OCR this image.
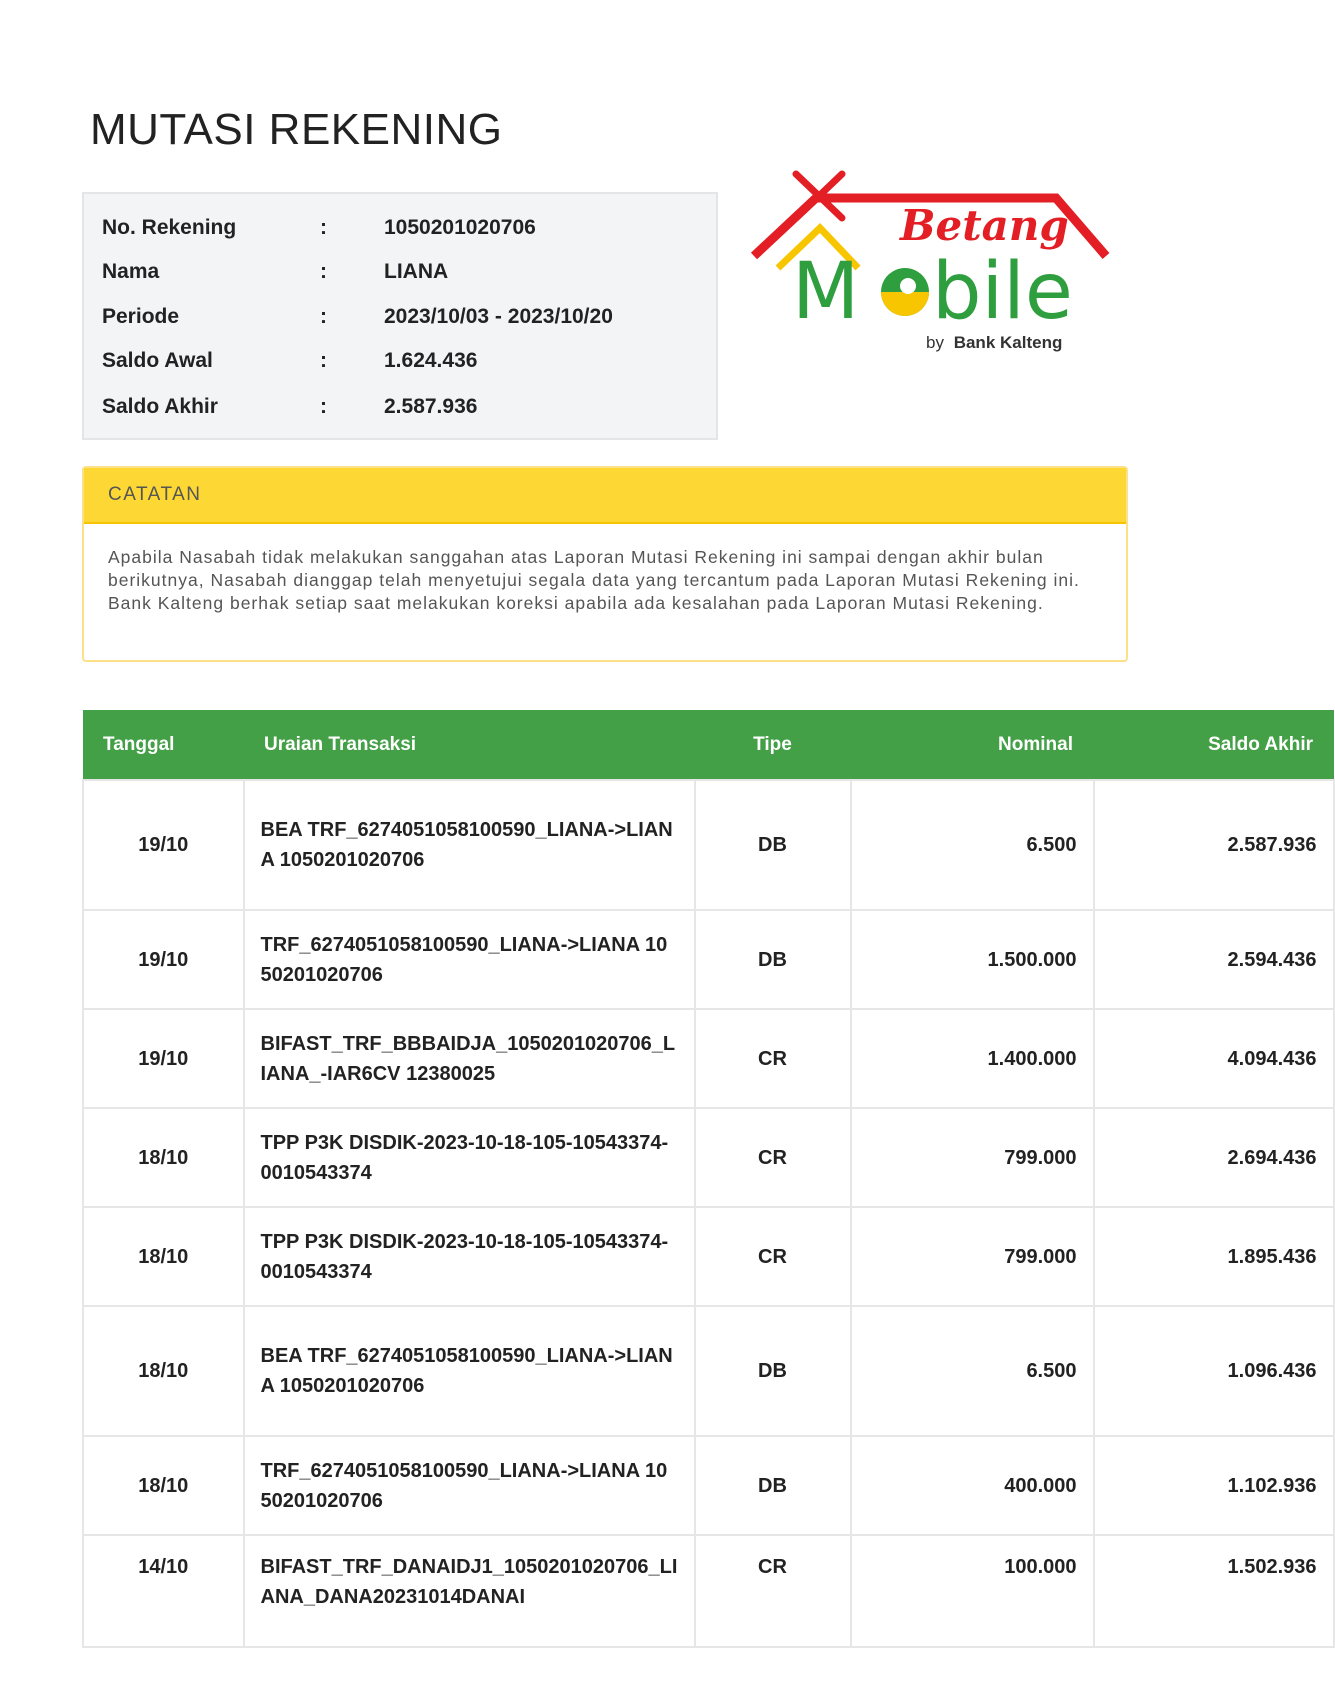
MUTASI REKENING
No. Rekening	:	1050201020706
Nama	:	LIANA
Periode	:	2023/10/03 - 2023/10/20
Saldo Awal	:	1.624.436
Saldo Akhir	:	2.587.936
Betang
M bile
by Bank Kalteng
CATATAN
Apabila Nasabah tidak melakukan sanggahan atas Laporan Mutasi Rekening ini sampai dengan akhir bulan berikutnya, Nasabah dianggap telah menyetujui segala data yang tercantum pada Laporan Mutasi Rekening ini. Bank Kalteng berhak setiap saat melakukan koreksi apabila ada kesalahan pada Laporan Mutasi Rekening.
Tanggal	Uraian Transaksi	Tipe	Nominal	Saldo Akhir
19/10	BEA TRF_6274051058100590_LIANA->LIANA 1050201020706	DB	6.500	2.587.936
19/10	TRF_6274051058100590_LIANA->LIANA 1050201020706	DB	1.500.000	2.594.436
19/10	BIFAST_TRF_BBBAIDJA_1050201020706_LIANA_-IAR6CV 12380025	CR	1.400.000	4.094.436
18/10	TPP P3K DISDIK-2023-10-18-105-10543374-0010543374	CR	799.000	2.694.436
18/10	TPP P3K DISDIK-2023-10-18-105-10543374-0010543374	CR	799.000	1.895.436
18/10	BEA TRF_6274051058100590_LIANA->LIANA 1050201020706	DB	6.500	1.096.436
18/10	TRF_6274051058100590_LIANA->LIANA 1050201020706	DB	400.000	1.102.936
14/10	BIFAST_TRF_DANAIDJ1_1050201020706_LIANA_DANA20231014DANAI	CR	100.000	1.502.936
